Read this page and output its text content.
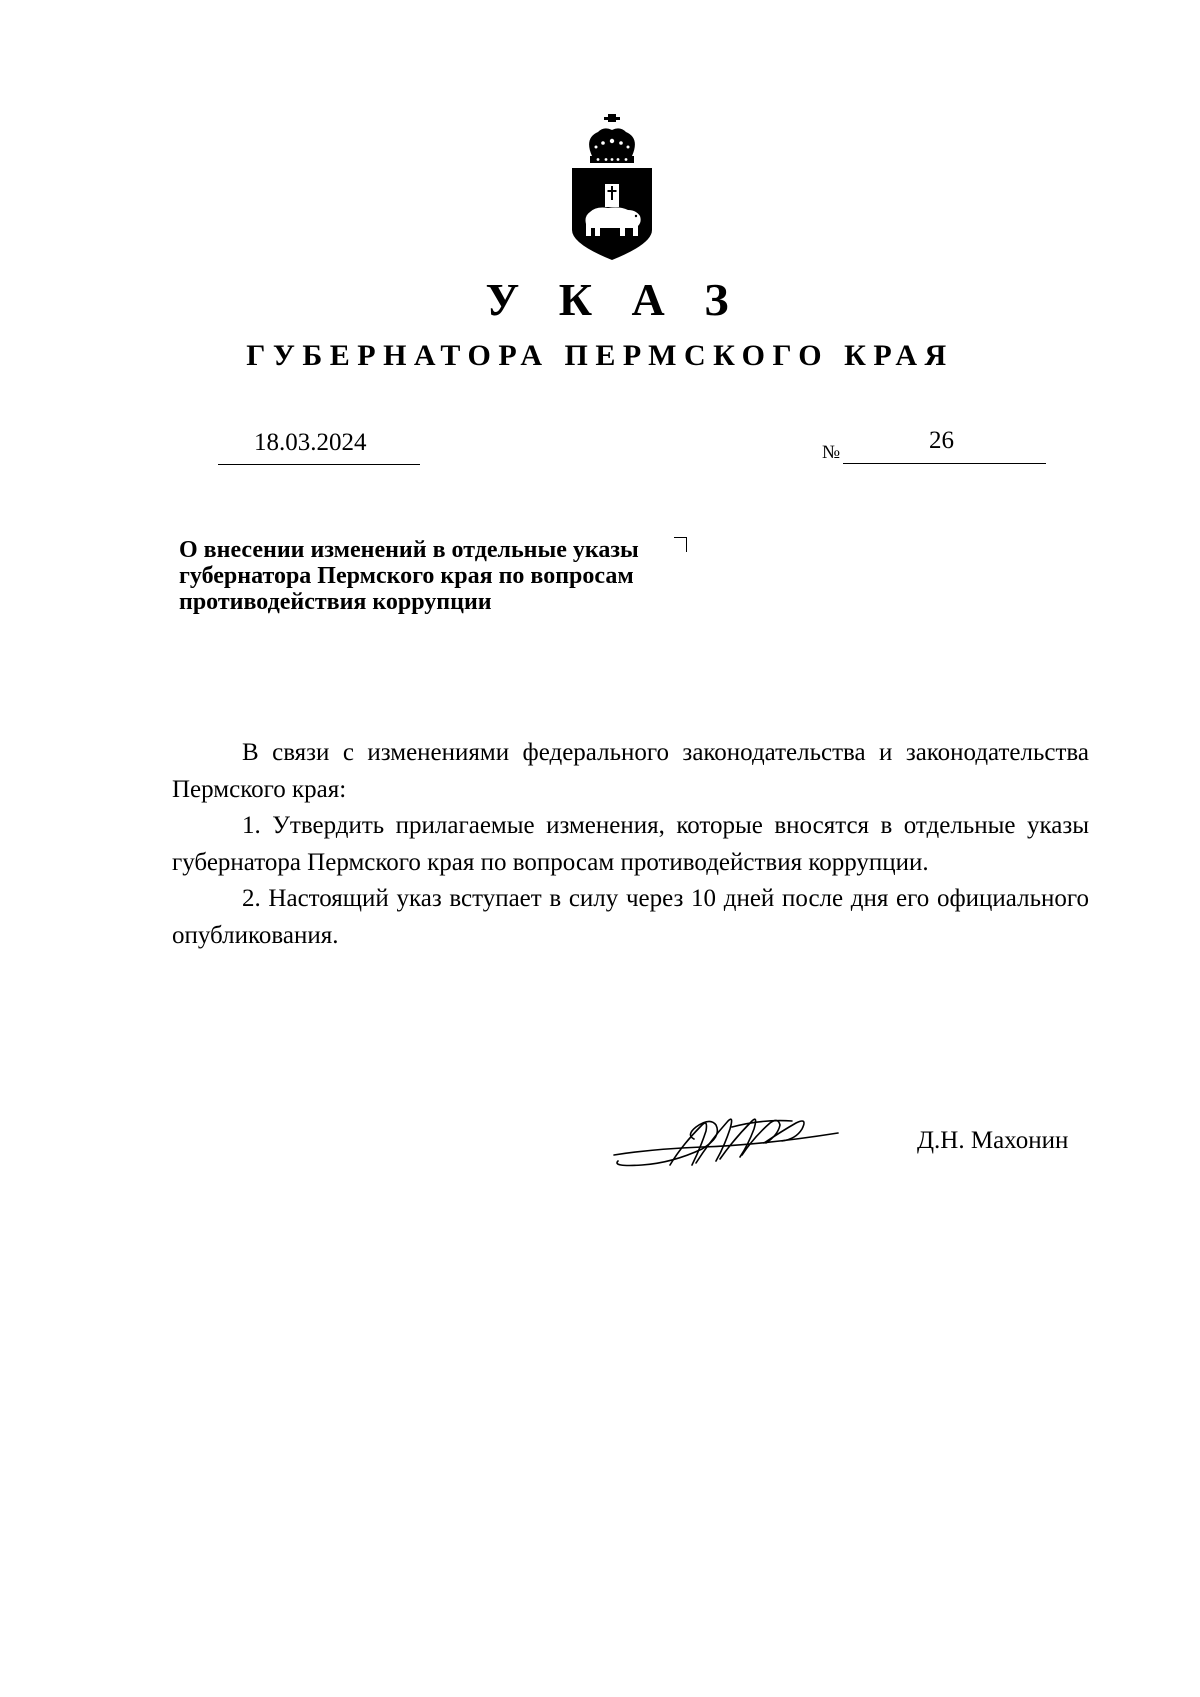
У К А З
ГУБЕРНАТОРА ПЕРМСКОГО КРАЯ
18.03.2024	№	26
О внесении изменений в отдельные указы губернатора Пермского края по вопросам противодействия коррупции

В связи с изменениями федерального законодательства и законодательства Пермского края:

1. Утвердить прилагаемые изменения, которые вносятся в отдельные указы губернатора Пермского края по вопросам противодействия коррупции.

2. Настоящий указ вступает в силу через 10 дней после дня его официального опубликования.

Д.Н. Махонин
